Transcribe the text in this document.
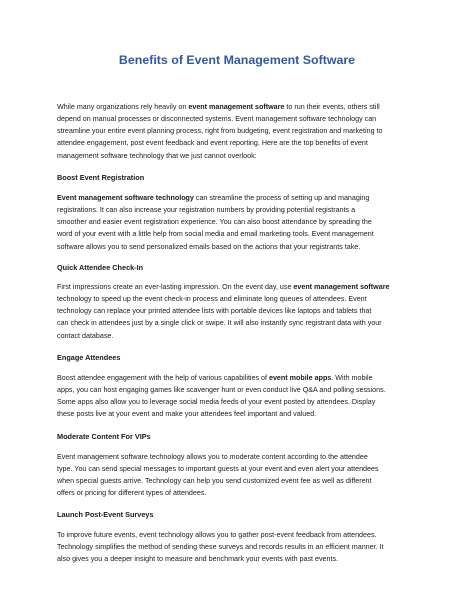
Benefits of Event Management Software
While many organizations rely heavily on event management software to run their events, others still
depend on manual processes or disconnected systems. Event management software technology can
streamline your entire event planning process, right from budgeting, event registration and marketing to
attendee engagement, post event feedback and event reporting. Here are the top benefits of event
management software technology that we just cannot overlook:
Boost Event Registration
Event management software technology can streamline the process of setting up and managing
registrations. It can also increase your registration numbers by providing potential registrants a
smoother and easier event registration experience. You can also boost attendance by spreading the
word of your event with a little help from social media and email marketing tools. Event management
software allows you to send personalized emails based on the actions that your registrants take.
Quick Attendee Check-In
First impressions create an ever-lasting impression. On the event day, use event management software
technology to speed up the event check-in process and eliminate long queues of attendees. Event
technology can replace your printed attendee lists with portable devices like laptops and tablets that
can check in attendees just by a single click or swipe. It will also instantly sync registrant data with your
contact database.
Engage Attendees
Boost attendee engagement with the help of various capabilities of event mobile apps. With mobile
apps, you can host engaging games like scavenger hunt or even conduct live Q&A and polling sessions.
Some apps also allow you to leverage social media feeds of your event posted by attendees. Display
these posts live at your event and make your attendees feel important and valued.
Moderate Content For VIPs
Event management software technology allows you to moderate content according to the attendee
type. You can send special messages to important guests at your event and even alert your attendees
when special guests arrive. Technology can help you send customized event fee as well as different
offers or pricing for different types of attendees.
Launch Post-Event Surveys
To improve future events, event technology allows you to gather post-event feedback from attendees.
Technology simplifies the method of sending these surveys and records results in an efficient manner. It
also gives you a deeper insight to measure and benchmark your events with past events.
